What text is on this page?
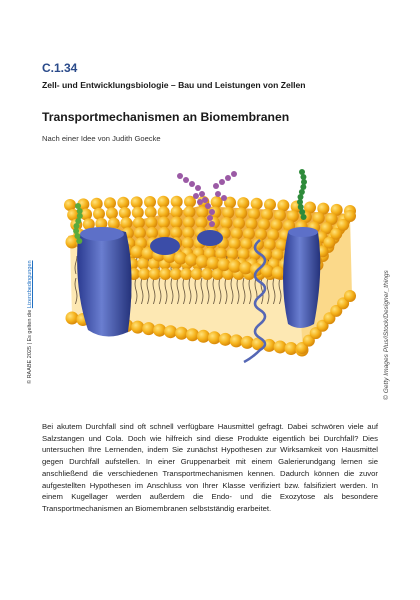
C.1.34
Zell- und Entwicklungsbiologie – Bau und Leistungen von Zellen
Transportmechanismen an Biomembranen
Nach einer Idee von Judith Goecke
© RAABE 2025 | Es gelten die Lizenzbedingungen	© Getty Images Plus/iStock/Designer_things

Bei akutem Durchfall sind oft schnell verfügbare Hausmittel gefragt. Dabei schwören viele auf Salzstangen und Cola. Doch wie hilfreich sind diese Produkte eigentlich bei Durchfall? Dies untersuchen Ihre Lernenden, indem Sie zunächst Hypothesen zur Wirksamkeit von Hausmittel gegen Durchfall aufstellen. In einer Gruppenarbeit mit einem Galerierundgang lernen sie anschließend die verschiedenen Transportmechanismen kennen. Dadurch können die zuvor aufgestellten Hypothesen im Anschluss von Ihrer Klasse verifiziert bzw. falsifiziert werden. In einem Kugellager werden außerdem die Endo- und die Exozytose als besondere Transportmechanismen an Biomembranen selbstständig erarbeitet.
